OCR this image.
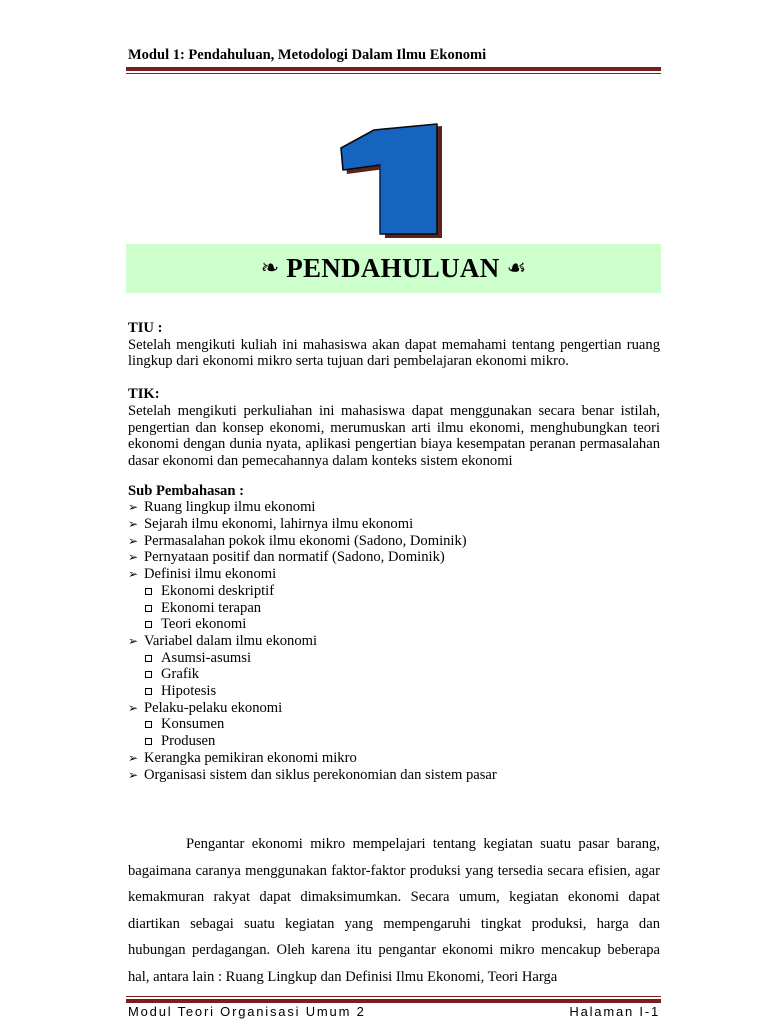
Modul 1: Pendahuluan, Metodologi Dalam Ilmu Ekonomi
❧ PENDAHULUAN ☙
TIU :
Setelah mengikuti kuliah ini mahasiswa akan dapat memahami tentang pengertian ruang lingkup dari ekonomi mikro serta tujuan dari pembelajaran ekonomi mikro.
TIK:
Setelah mengikuti perkuliahan ini mahasiswa dapat menggunakan secara benar istilah, pengertian dan konsep ekonomi, merumuskan arti ilmu ekonomi, menghubungkan teori ekonomi dengan dunia nyata, aplikasi pengertian biaya kesempatan peranan permasalahan dasar ekonomi dan pemecahannya dalam konteks sistem ekonomi
Sub Pembahasan :
➢ Ruang lingkup ilmu ekonomi
➢ Sejarah ilmu ekonomi, lahirnya ilmu ekonomi
➢ Permasalahan pokok ilmu ekonomi (Sadono, Dominik)
➢ Pernyataan positif dan normatif (Sadono, Dominik)
➢ Definisi ilmu ekonomi
Ekonomi deskriptif
Ekonomi terapan
Teori ekonomi
➢ Variabel dalam ilmu ekonomi
Asumsi-asumsi
Grafik
Hipotesis
➢ Pelaku-pelaku ekonomi
Konsumen
Produsen
➢ Kerangka pemikiran ekonomi mikro
➢ Organisasi sistem dan siklus perekonomian dan sistem pasar
Pengantar ekonomi mikro mempelajari tentang kegiatan suatu pasar barang, bagaimana caranya menggunakan faktor-faktor produksi yang tersedia secara efisien, agar kemakmuran rakyat dapat dimaksimumkan. Secara umum, kegiatan ekonomi dapat diartikan sebagai suatu kegiatan yang mempengaruhi tingkat produksi, harga dan hubungan perdagangan. Oleh karena itu pengantar ekonomi mikro mencakup beberapa hal, antara lain : Ruang Lingkup dan Definisi Ilmu Ekonomi, Teori Harga
Modul Teori Organisasi Umum 2	Halaman I-1
